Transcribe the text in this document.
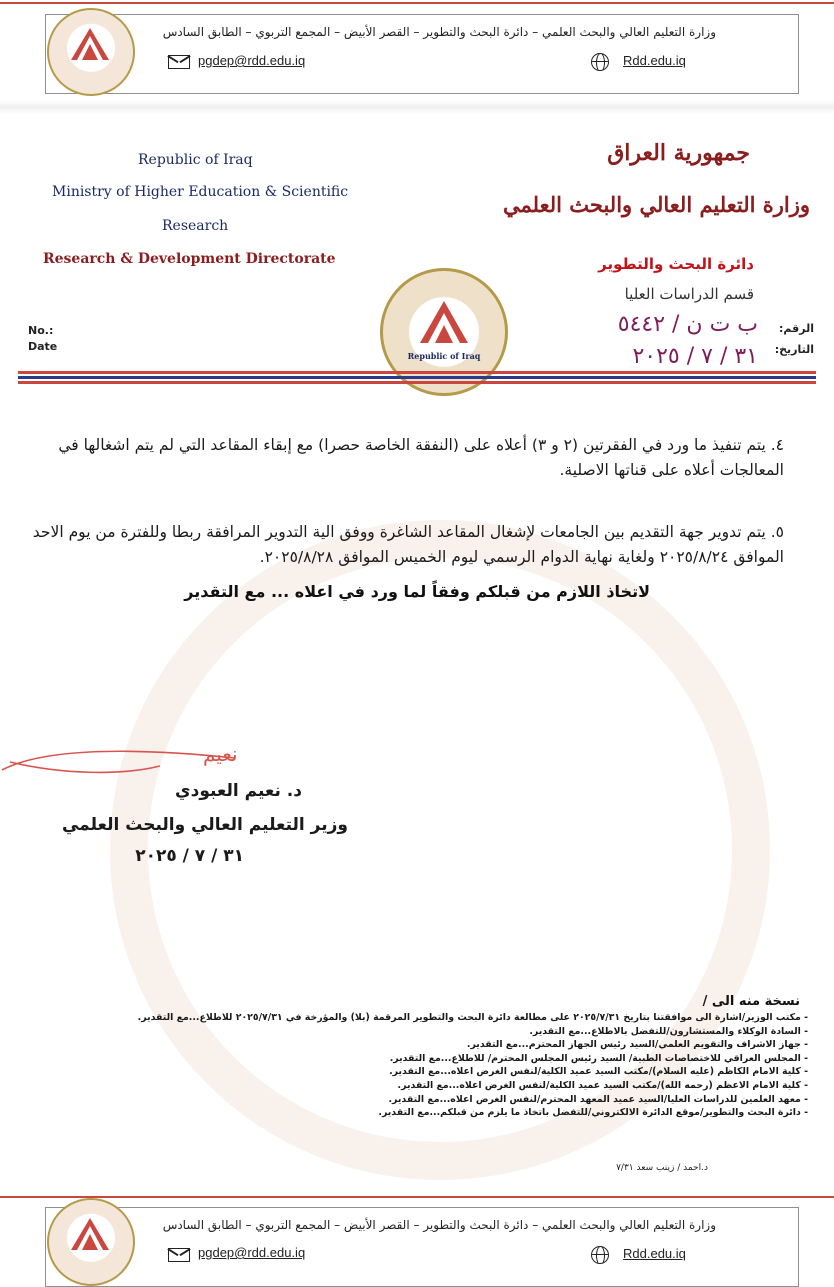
وزارة التعليم العالي والبحث العلمي – دائرة البحث والتطوير – القصر الأبيض – المجمع التربوي – الطابق السادس
pgdep@rdd.edu.iq	Rdd.edu.iq
Republic of Iraq
Ministry of Higher Education & Scientific
Research
Research & Development Directorate
جمهورية العراق
وزارة التعليم العالي والبحث العلمي
دائرة البحث والتطوير
قسم الدراسات العليا
Republic of Iraq
No.:
Date
الرقم:
التاريخ:
ب ت ن / ٥٤٤٢
٣١ / ٧ / ٢٠٢٥
٤. يتم تنفيذ ما ورد في الفقرتين (٢ و ٣) أعلاه على (النفقة الخاصة حصرا) مع إبقاء المقاعد التي لم يتم اشغالها في المعالجات أعلاه على قناتها الاصلية.
٥. يتم تدوير جهة التقديم بين الجامعات لإشغال المقاعد الشاغرة ووفق الية التدوير المرافقة ربطا وللفترة من يوم الاحد الموافق ٢٠٢٥/٨/٢٤ ولغاية نهاية الدوام الرسمي ليوم الخميس الموافق ٢٠٢٥/٨/٢٨.
لاتخاذ اللازم من قبلكم وفقاً لما ورد في اعلاه ... مع التقدير
نعيم
د. نعيم العبودي
وزير التعليم العالي والبحث العلمي
٣١ / ٧ / ٢٠٢٥
نسخة منه الى /
- مكتب الوزير/اشارة الى موافقتنا بتاريخ ٢٠٢٥/٧/٣١ على مطالعة دائرة البحث والتطوير المرقمة (بلا) والمؤرخة في ٢٠٢٥/٧/٣١ للاطلاع...مع التقدير.
- السادة الوكلاء والمستشارون/للتفضل بالاطلاع...مع التقدير.
- جهاز الاشراف والتقويم العلمي/السيد رئيس الجهاز المحترم...مع التقدير.
- المجلس العراقي للاختصاصات الطبية/ السيد رئيس المجلس المحترم/ للاطلاع...مع التقدير.
- كلية الامام الكاظم (عليه السلام)/مكتب السيد عميد الكلية/لنفس الغرض اعلاه...مع التقدير.
- كلية الامام الاعظم (رحمه الله)/مكتب السيد عميد الكلية/لنفس الغرض اعلاه...مع التقدير.
- معهد العلمين للدراسات العليا/السيد عميد المعهد المحترم/لنفس الغرض اعلاه...مع التقدير.
- دائرة البحث والتطوير/موقع الدائرة الالكتروني/للتفضل باتخاذ ما يلزم من قبلكم...مع التقدير.
د.احمد / زينب سعد ٧/٣١
وزارة التعليم العالي والبحث العلمي – دائرة البحث والتطوير – القصر الأبيض – المجمع التربوي – الطابق السادس
pgdep@rdd.edu.iq	Rdd.edu.iq
